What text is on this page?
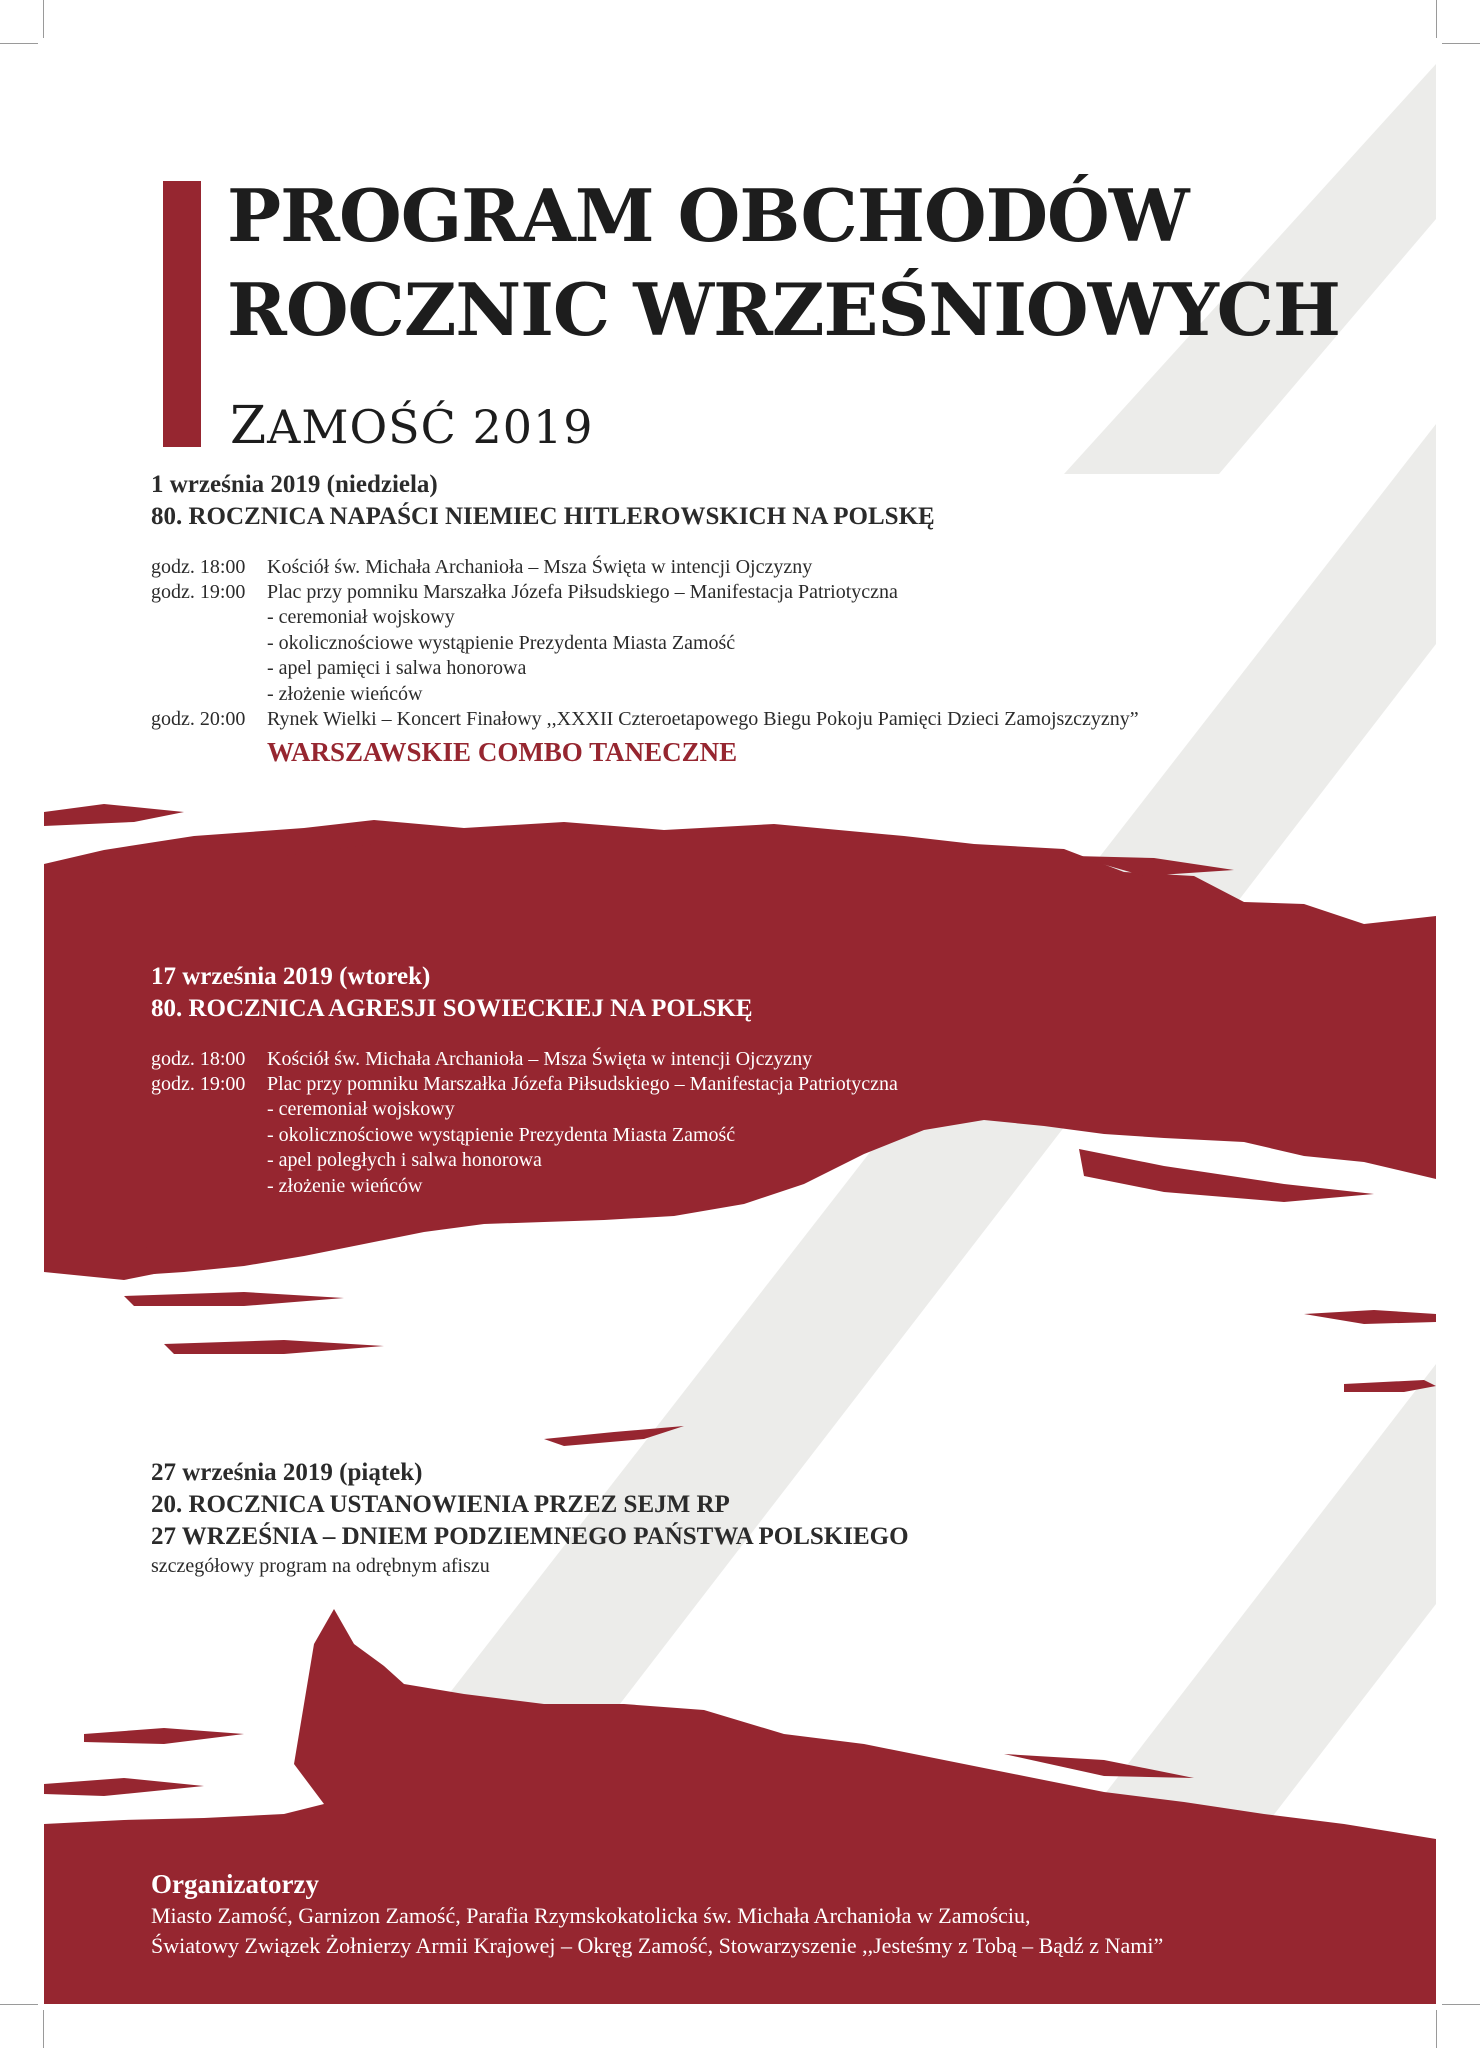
PROGRAM OBCHODÓW
ROCZNIC WRZEŚNIOWYCH
ZAMOŚĆ 2019
1 września 2019 (niedziela)
80. ROCZNICA NAPAŚCI NIEMIEC HITLEROWSKICH NA POLSKĘ
godz. 18:00 Kościół św. Michała Archanioła – Msza Święta w intencji Ojczyzny
godz. 19:00 Plac przy pomniku Marszałka Józefa Piłsudskiego – Manifestacja Patriotyczna
- ceremoniał wojskowy
- okolicznościowe wystąpienie Prezydenta Miasta Zamość
- apel pamięci i salwa honorowa
- złożenie wieńców
godz. 20:00 Rynek Wielki – Koncert Finałowy ,,XXXII Czteroetapowego Biegu Pokoju Pamięci Dzieci Zamojszczyzny”
WARSZAWSKIE COMBO TANECZNE
17 września 2019 (wtorek)
80. ROCZNICA AGRESJI SOWIECKIEJ NA POLSKĘ
godz. 18:00 Kościół św. Michała Archanioła – Msza Święta w intencji Ojczyzny
godz. 19:00 Plac przy pomniku Marszałka Józefa Piłsudskiego – Manifestacja Patriotyczna
- ceremoniał wojskowy
- okolicznościowe wystąpienie Prezydenta Miasta Zamość
- apel poległych i salwa honorowa
- złożenie wieńców
27 września 2019 (piątek)
20. ROCZNICA USTANOWIENIA PRZEZ SEJM RP
27 WRZEŚNIA – DNIEM PODZIEMNEGO PAŃSTWA POLSKIEGO
szczegółowy program na odrębnym afiszu
Organizatorzy
Miasto Zamość, Garnizon Zamość, Parafia Rzymskokatolicka św. Michała Archanioła w Zamościu,
Światowy Związek Żołnierzy Armii Krajowej – Okręg Zamość, Stowarzyszenie ,,Jesteśmy z Tobą – Bądź z Nami”
